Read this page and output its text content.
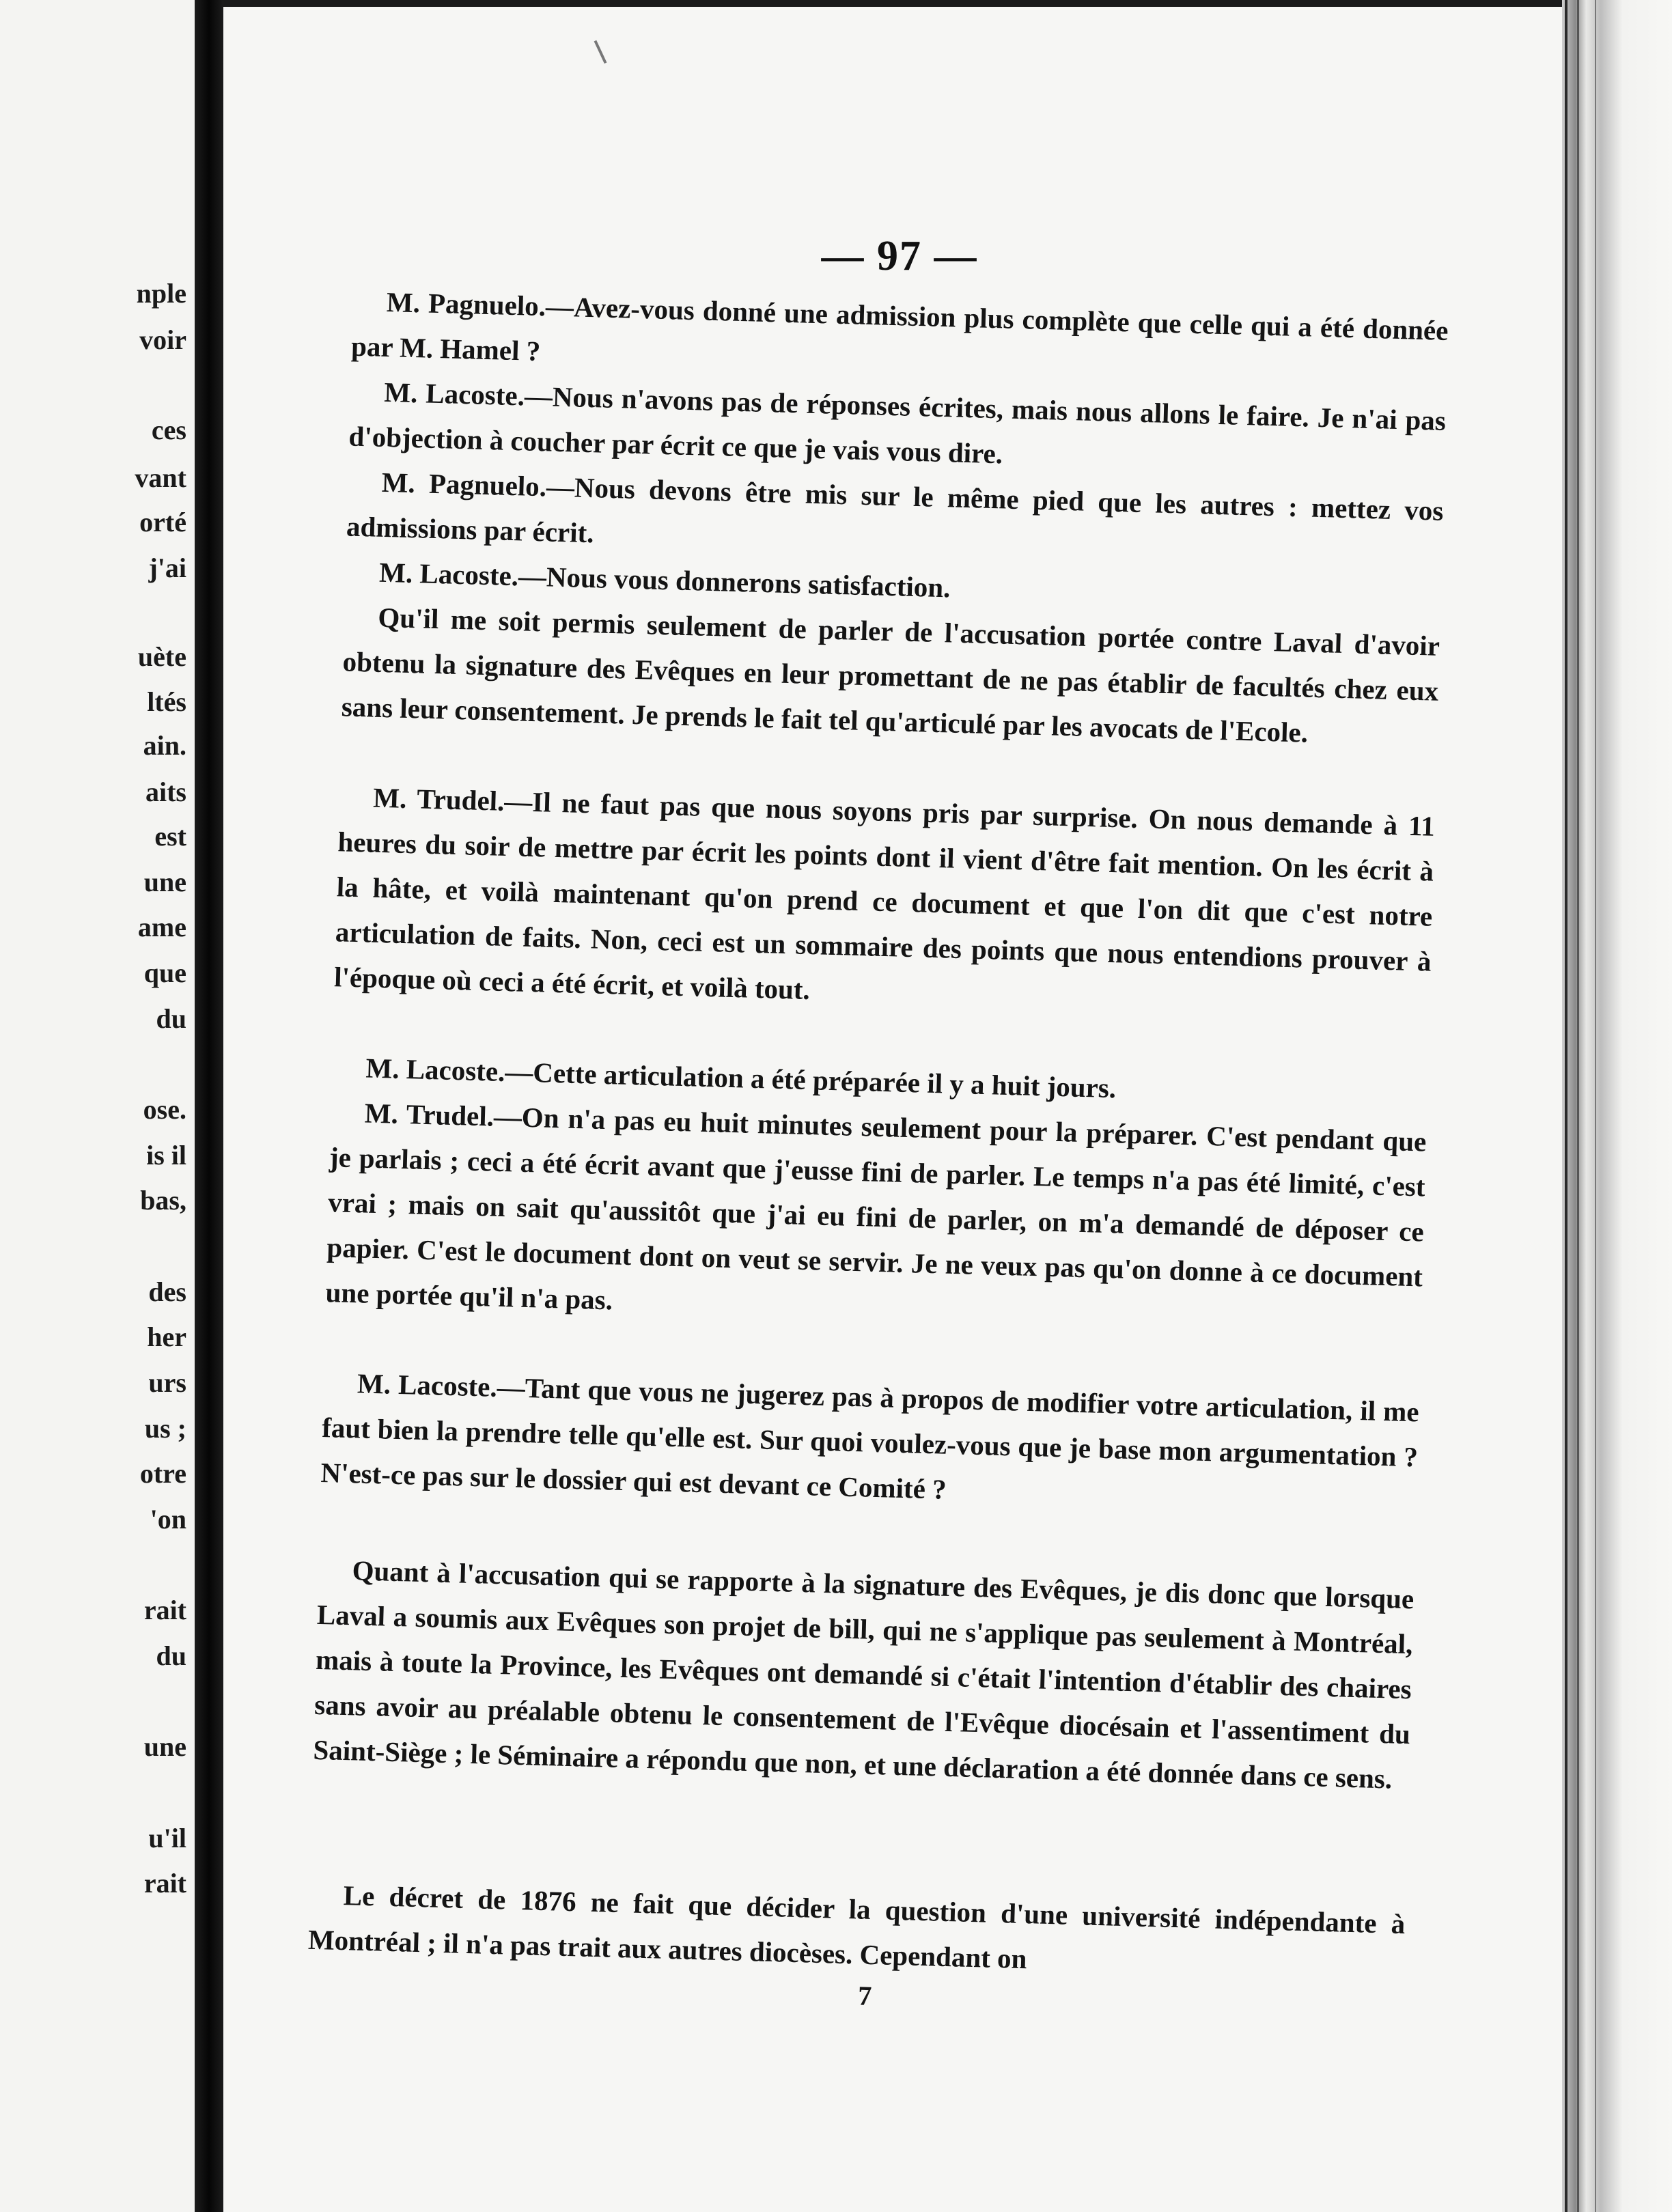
nple
voir
ces
vant
orté
j'ai
uète
ltés
ain.
aits
est
une
ame
que
du
ose.
is il
bas,
des
her
urs
us ;
otre
'on
rait
du
une
u'il
rait
— 97 —

M. Pagnuelo.—Avez-vous donné une admission plus complète que celle qui a été donnée par M. Hamel ?

M. Lacoste.—Nous n'avons pas de réponses écrites, mais nous allons le faire. Je n'ai pas d'objection à coucher par écrit ce que je vais vous dire.

M. Pagnuelo.—Nous devons être mis sur le même pied que les autres : mettez vos admissions par écrit.

M. Lacoste.—Nous vous donnerons satisfaction.

Qu'il me soit permis seulement de parler de l'accusation portée contre Laval d'avoir obtenu la signature des Evêques en leur promettant de ne pas établir de facultés chez eux sans leur consentement. Je prends le fait tel qu'articulé par les avocats de l'Ecole.

M. Trudel.—Il ne faut pas que nous soyons pris par surprise. On nous demande à 11 heures du soir de mettre par écrit les points dont il vient d'être fait mention. On les écrit à la hâte, et voilà maintenant qu'on prend ce document et que l'on dit que c'est notre articulation de faits. Non, ceci est un sommaire des points que nous entendions prouver à l'époque où ceci a été écrit, et voilà tout.

M. Lacoste.—Cette articulation a été préparée il y a huit jours.

M. Trudel.—On n'a pas eu huit minutes seulement pour la préparer. C'est pendant que je parlais ; ceci a été écrit avant que j'eusse fini de parler. Le temps n'a pas été limité, c'est vrai ; mais on sait qu'aussitôt que j'ai eu fini de parler, on m'a demandé de déposer ce papier. C'est le document dont on veut se servir. Je ne veux pas qu'on donne à ce document une portée qu'il n'a pas.

M. Lacoste.—Tant que vous ne jugerez pas à propos de modifier votre articulation, il me faut bien la prendre telle qu'elle est. Sur quoi voulez-vous que je base mon argumentation ? N'est-ce pas sur le dossier qui est devant ce Comité ?

Quant à l'accusation qui se rapporte à la signature des Evêques, je dis donc que lorsque Laval a soumis aux Evêques son projet de bill, qui ne s'applique pas seulement à Montréal, mais à toute la Province, les Evêques ont demandé si c'était l'intention d'établir des chaires sans avoir au préalable obtenu le consentement de l'Evêque diocésain et l'assentiment du Saint-Siège ; le Séminaire a répondu que non, et une déclaration a été donnée dans ce sens.

Le décret de 1876 ne fait que décider la question d'une université indépendante à Montréal ; il n'a pas trait aux autres diocèses. Cependant on

7
